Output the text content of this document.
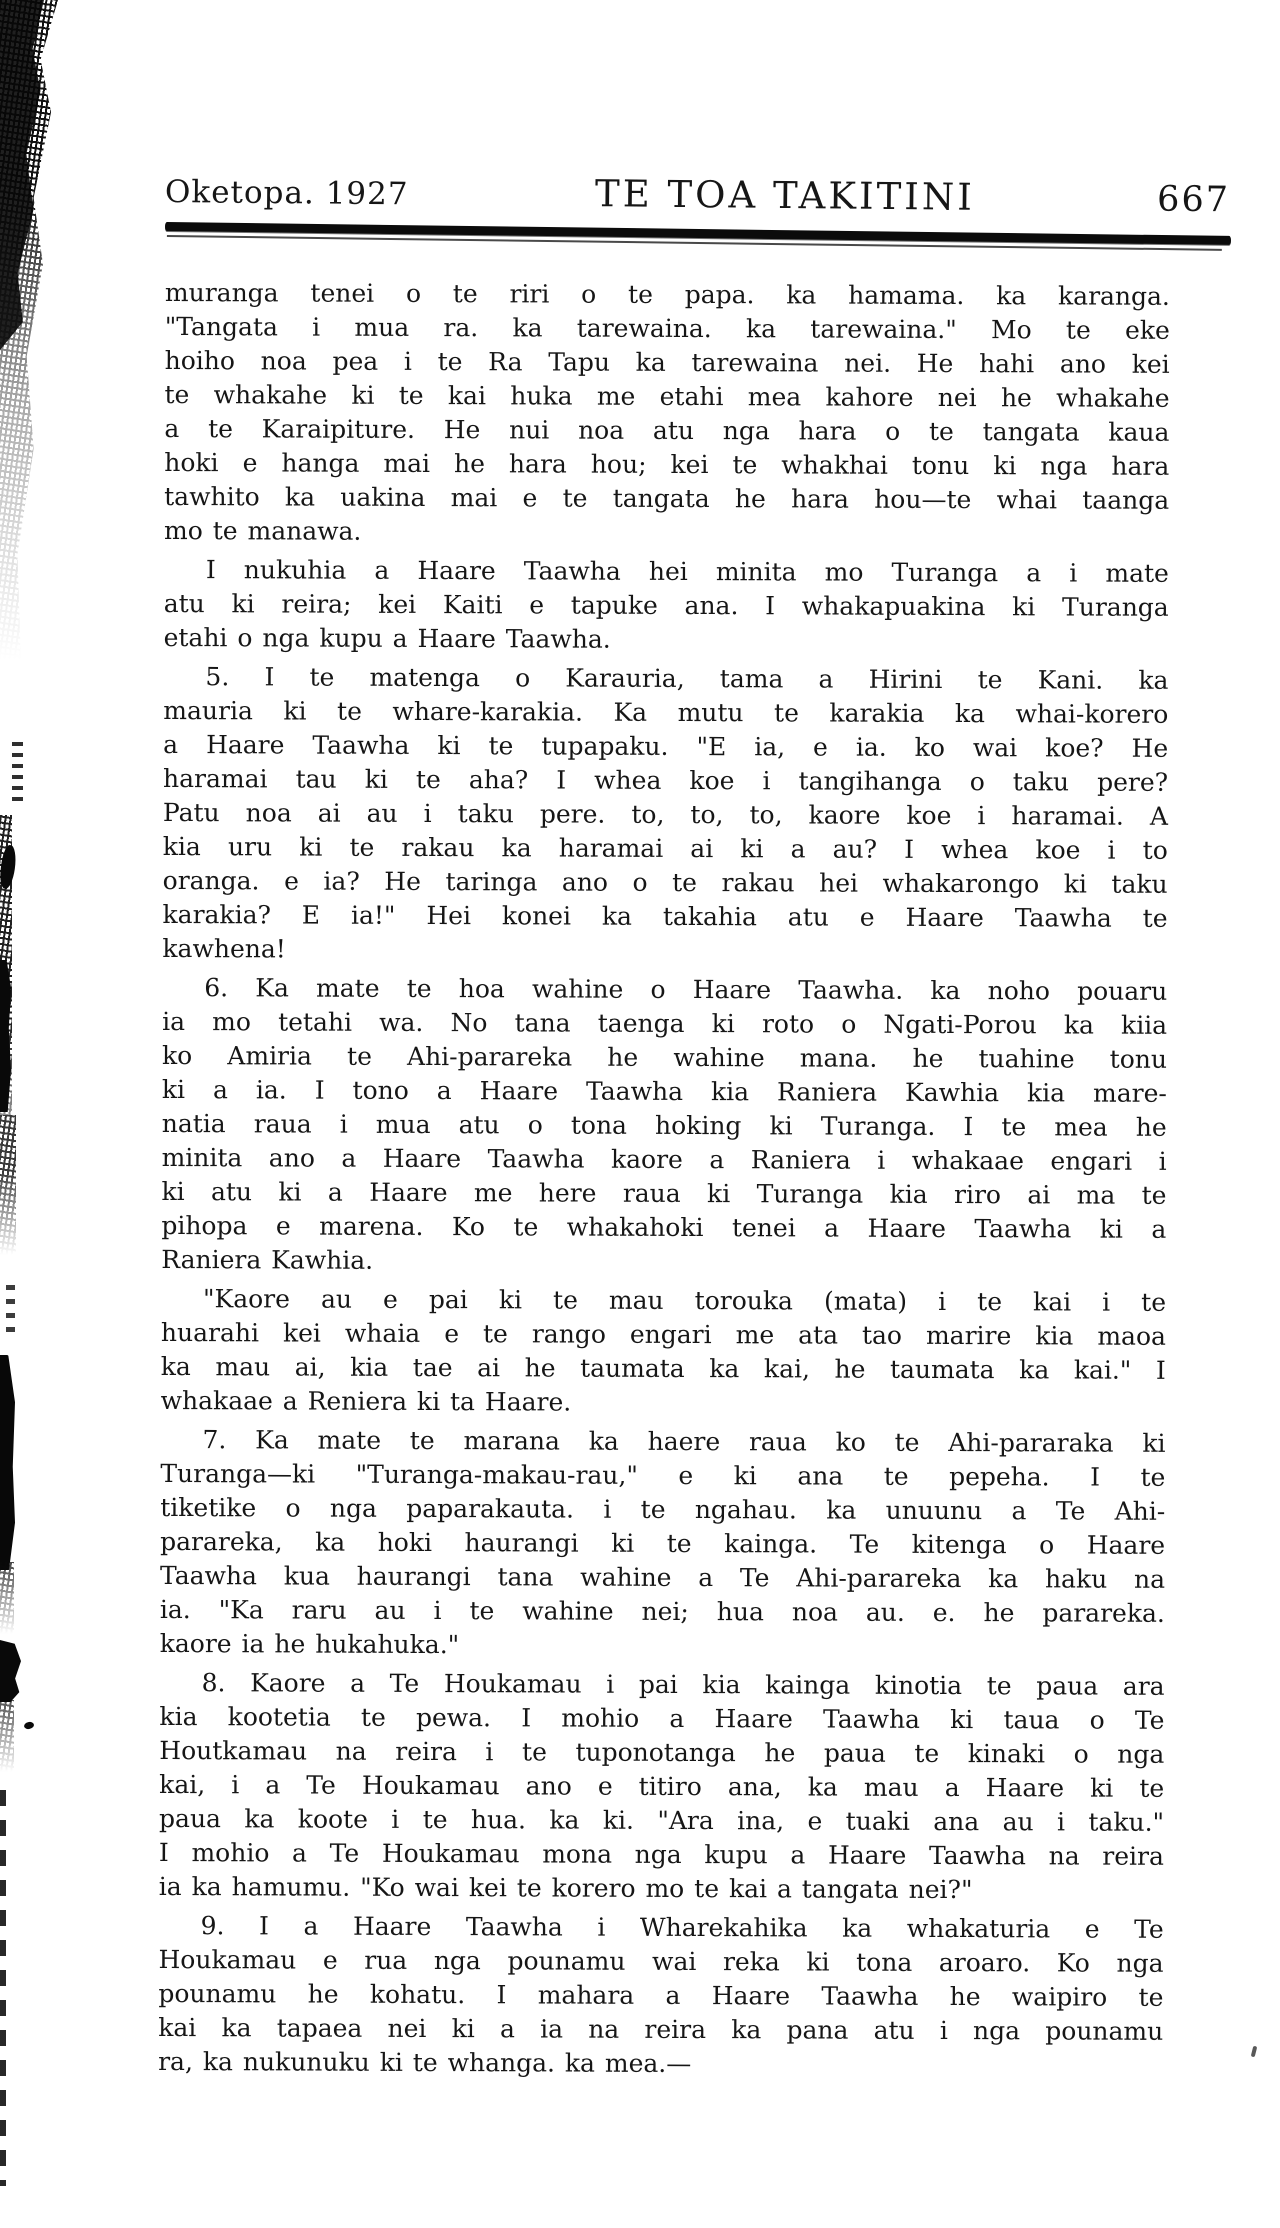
Oketopa. 1927	TE TOA TAKITINI	667
muranga tenei o te riri o te papa. ka hamama. ka karanga.
"Tangata i mua ra. ka tarewaina. ka tarewaina." Mo te eke
hoiho noa pea i te Ra Tapu ka tarewaina nei. He hahi ano kei
te whakahe ki te kai huka me etahi mea kahore nei he whakahe
a te Karaipiture. He nui noa atu nga hara o te tangata kaua
hoki e hanga mai he hara hou; kei te whakhai tonu ki nga hara
tawhito ka uakina mai e te tangata he hara hou—te whai taanga
mo te manawa.
I nukuhia a Haare Taawha hei minita mo Turanga a i mate
atu ki reira; kei Kaiti e tapuke ana. I whakapuakina ki Turanga
etahi o nga kupu a Haare Taawha.
5. I te matenga o Karauria, tama a Hirini te Kani. ka
mauria ki te whare-karakia. Ka mutu te karakia ka whai-korero
a Haare Taawha ki te tupapaku. "E ia, e ia. ko wai koe? He
haramai tau ki te aha? I whea koe i tangihanga o taku pere?
Patu noa ai au i taku pere. to, to, to, kaore koe i haramai. A
kia uru ki te rakau ka haramai ai ki a au? I whea koe i to
oranga. e ia? He taringa ano o te rakau hei whakarongo ki taku
karakia? E ia!" Hei konei ka takahia atu e Haare Taawha te
kawhena!
6. Ka mate te hoa wahine o Haare Taawha. ka noho pouaru
ia mo tetahi wa. No tana taenga ki roto o Ngati-Porou ka kiia
ko Amiria te Ahi-parareka he wahine mana. he tuahine tonu
ki a ia. I tono a Haare Taawha kia Raniera Kawhia kia mare-
natia raua i mua atu o tona hoking ki Turanga. I te mea he
minita ano a Haare Taawha kaore a Raniera i whakaae engari i
ki atu ki a Haare me here raua ki Turanga kia riro ai ma te
pihopa e marena. Ko te whakahoki tenei a Haare Taawha ki a
Raniera Kawhia.
"Kaore au e pai ki te mau torouka (mata) i te kai i te
huarahi kei whaia e te rango engari me ata tao marire kia maoa
ka mau ai, kia tae ai he taumata ka kai, he taumata ka kai." I
whakaae a Reniera ki ta Haare.
7. Ka mate te marana ka haere raua ko te Ahi-pararaka ki
Turanga—ki "Turanga-makau-rau," e ki ana te pepeha. I te
tiketike o nga paparakauta. i te ngahau. ka unuunu a Te Ahi-
parareka, ka hoki haurangi ki te kainga. Te kitenga o Haare
Taawha kua haurangi tana wahine a Te Ahi-parareka ka haku na
ia. "Ka raru au i te wahine nei; hua noa au. e. he parareka.
kaore ia he hukahuka."
8. Kaore a Te Houkamau i pai kia kainga kinotia te paua ara
kia kootetia te pewa. I mohio a Haare Taawha ki taua o Te
Houtkamau na reira i te tuponotanga he paua te kinaki o nga
kai, i a Te Houkamau ano e titiro ana, ka mau a Haare ki te
paua ka koote i te hua. ka ki. "Ara ina, e tuaki ana au i taku."
I mohio a Te Houkamau mona nga kupu a Haare Taawha na reira
ia ka hamumu. "Ko wai kei te korero mo te kai a tangata nei?"
9. I a Haare Taawha i Wharekahika ka whakaturia e Te
Houkamau e rua nga pounamu wai reka ki tona aroaro. Ko nga
pounamu he kohatu. I mahara a Haare Taawha he waipiro te
kai ka tapaea nei ki a ia na reira ka pana atu i nga pounamu
ra, ka nukunuku ki te whanga. ka mea.—
